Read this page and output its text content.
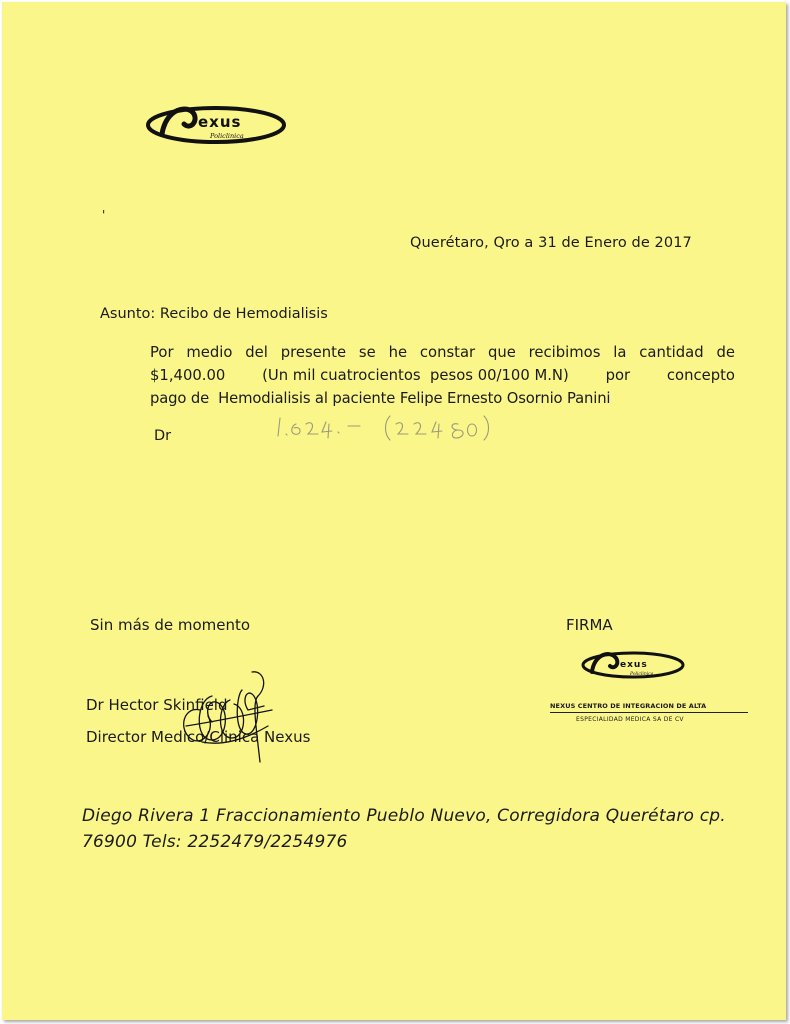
exus
Policlinica
'
Querétaro, Qro a 31 de Enero de 2017
Asunto: Recibo de Hemodialisis
Por medio del presente se he constar que recibimos la cantidad de
$1,400.00 (Un mil cuatrocientos  pesos 00/100 M.N) por concepto
pago de  Hemodialisis al paciente Felipe Ernesto Osornio Panini
Dr
Sin más de momento	FIRMA
Dr Hector Skinfield
Director Medico/Clinica Nexus
exus
Policlinica
NEXUS CENTRO DE INTEGRACION DE ALTA
ESPECIALIDAD MEDICA SA DE CV
Diego Rivera 1 Fraccionamiento Pueblo Nuevo, Corregidora Querétaro cp.
76900 Tels: 2252479/2254976
